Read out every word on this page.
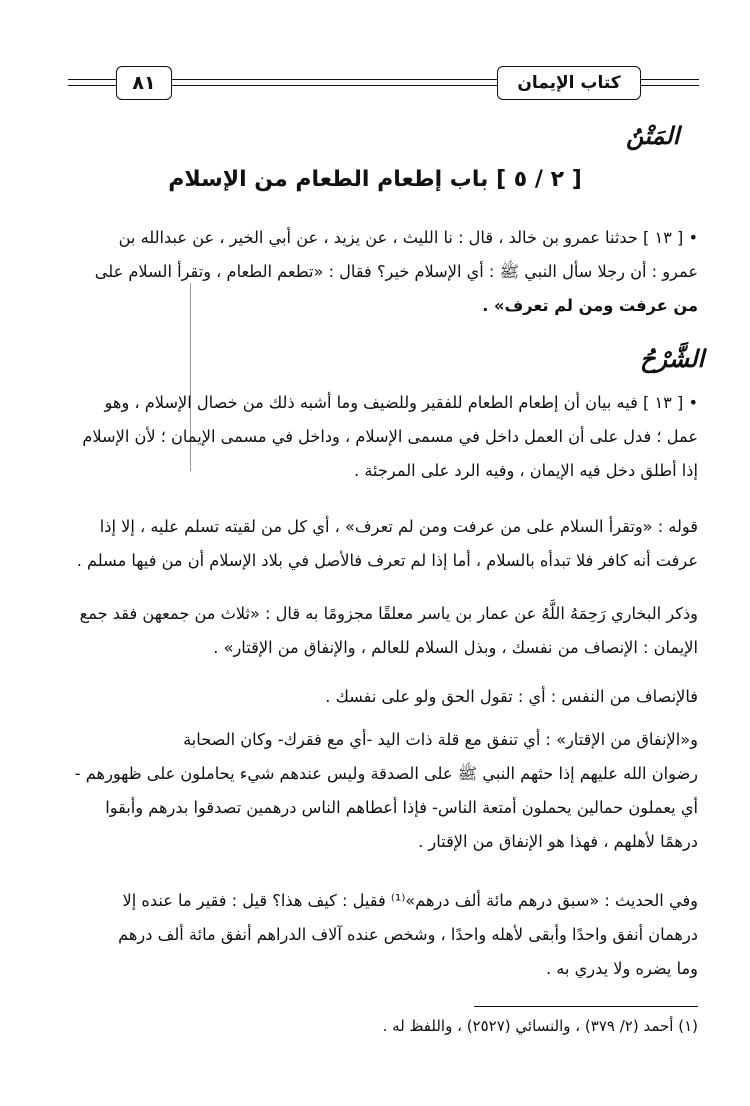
٨١	كتاب الإيمان
المَتْنُ
[ ٢ / ٥ ] باب إطعام الطعام من الإسلام
• [ ١٣ ] حدثنا عمرو بن خالد ، قال : نا الليث ، عن يزيد ، عن أبي الخير ، عن عبدالله بن
عمرو : أن رجلا سأل النبي ﷺ : أي الإسلام خير؟ فقال : «تطعم الطعام ، وتقرأ السلام على
من عرفت ومن لم تعرف» .
الشَّرْحُ
• [ ١٣ ] فيه بيان أن إطعام الطعام للفقير وللضيف وما أشبه ذلك من خصال الإسلام ، وهو
عمل ؛ فدل على أن العمل داخل في مسمى الإسلام ، وداخل في مسمى الإيمان ؛ لأن الإسلام
إذا أطلق دخل فيه الإيمان ، وفيه الرد على المرجئة .
قوله : «وتقرأ السلام على من عرفت ومن لم تعرف» ، أي كل من لقيته تسلم عليه ، إلا إذا
عرفت أنه كافر فلا تبدأه بالسلام ، أما إذا لم تعرف فالأصل في بلاد الإسلام أن من فيها مسلم .
وذكر البخاري رَحِمَهُ اللَّهُ عن عمار بن ياسر معلقًا مجزومًا به قال : «ثلاث من جمعهن فقد جمع
الإيمان : الإنصاف من نفسك ، وبذل السلام للعالم ، والإنفاق من الإقتار» .
فالإنصاف من النفس : أي : تقول الحق ولو على نفسك .
و«الإنفاق من الإقتار» : أي تنفق مع قلة ذات اليد -أي مع فقرك- وكان الصحابة
رضوان الله عليهم إذا حثهم النبي ﷺ على الصدقة وليس عندهم شيء يحاملون على ظهورهم -
أي يعملون حمالين يحملون أمتعة الناس- فإذا أعطاهم الناس درهمين تصدقوا بدرهم وأبقوا
درهمًا لأهلهم ، فهذا هو الإنفاق من الإقتار .
وفي الحديث : «سبق درهم مائة ألف درهم»⁽¹⁾ فقيل : كيف هذا؟ قيل : فقير ما عنده إلا
درهمان أنفق واحدًا وأبقى لأهله واحدًا ، وشخص عنده آلاف الدراهم أنفق مائة ألف درهم
وما يضره ولا يدري به .
(١) أحمد (٢/ ٣٧٩) ، والنسائي (٢٥٢٧) ، واللفظ له .
